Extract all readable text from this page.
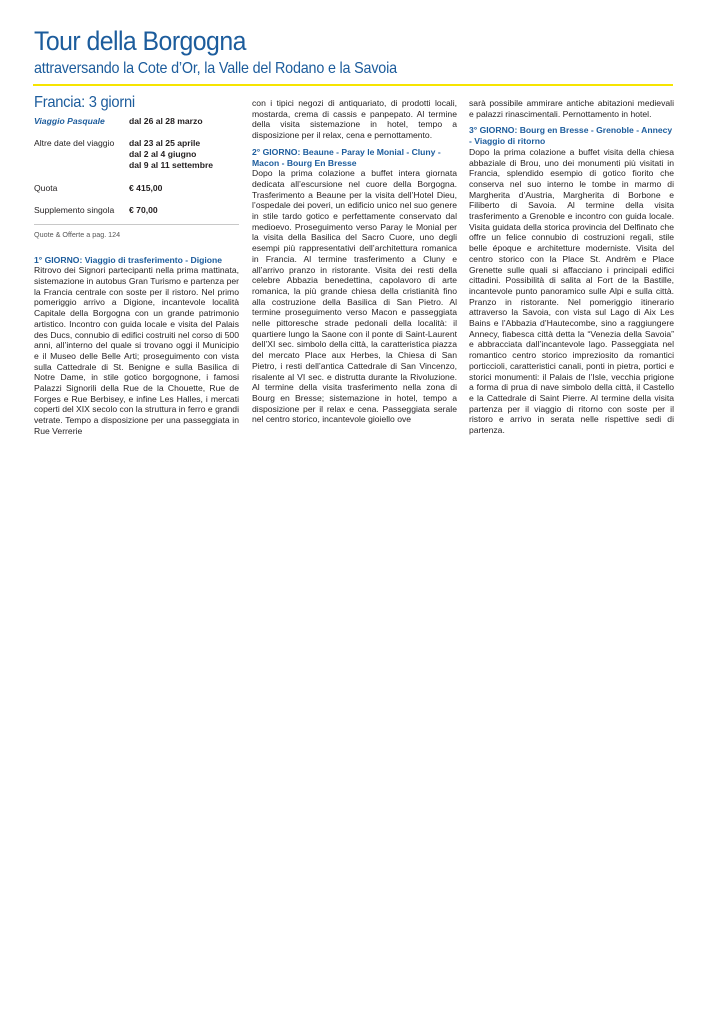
Tour della Borgogna
attraversando la Cote d’Or, la Valle del Rodano e la Savoia
Francia: 3 giorni
Viaggio Pasquale	dal 26 al 28 marzo
Altre date del viaggio	dal 23 al 25 aprile
dal 2 al 4 giugno
dal 9 al 11 settembre
Quota	€ 415,00
Supplemento singola	€ 70,00
Quote & Offerte a pag. 124

1° GIORNO: Viaggio di trasferimento - Digione

Ritrovo dei Signori partecipanti nella prima mattinata, sistemazione in autobus Gran Turismo e partenza per la Francia centrale con soste per il ristoro. Nel primo pomeriggio arrivo a Digione, incantevole località Capitale della Borgogna con un grande patrimonio artistico. Incontro con guida locale e visita del Palais des Ducs, connubio di edifici costruiti nel corso di 500 anni, all’interno del quale si trovano oggi il Municipio e il Museo delle Belle Arti; proseguimento con vista sulla Cattedrale di St. Benigne e sulla Basilica di Notre Dame, in stile gotico borgognone, i famosi Palazzi Signorili della Rue de la Chouette, Rue de Forges e Rue Berbisey, e infine Les Halles, i mercati coperti del XIX secolo con la struttura in ferro e grandi vetrate. Tempo a disposizione per una passeggiata in Rue Verrerie

con i tipici negozi di antiquariato, di prodotti locali, mostarda, crema di cassis e panpepato. Al termine della visita sistemazione in hotel, tempo a disposizione per il relax, cena e pernottamento.

2° GIORNO: Beaune - Paray le Monial - Cluny - Macon - Bourg En Bresse

Dopo la prima colazione a buffet intera giornata dedicata all’escursione nel cuore della Borgogna. Trasferimento a Beaune per la visita dell’Hotel Dieu, l’ospedale dei poveri, un edificio unico nel suo genere in stile tardo gotico e perfettamente conservato dal medioevo. Proseguimento verso Paray le Monial per la visita della Basilica del Sacro Cuore, uno degli esempi più rappresentativi dell’architettura romanica in Francia. Al termine trasferimento a Cluny e all’arrivo pranzo in ristorante. Visita dei resti della celebre Abbazia benedettina, capolavoro di arte romanica, la più grande chiesa della cristianità fino alla costruzione della Basilica di San Pietro. Al termine proseguimento verso Macon e passeggiata nelle pittoresche strade pedonali della località: il quartiere lungo la Saone con il ponte di Saint-Laurent dell’XI sec. simbolo della città, la caratteristica piazza del mercato Place aux Herbes, la Chiesa di San Pietro, i resti dell’antica Cattedrale di San Vincenzo, risalente al VI sec. e distrutta durante la Rivoluzione. Al termine della visita trasferimento nella zona di Bourg en Bresse; sistemazione in hotel, tempo a disposizione per il relax e cena. Passeggiata serale nel centro storico, incantevole gioiello ove

sarà possibile ammirare antiche abitazioni medievali e palazzi rinascimentali. Pernottamento in hotel.

3° GIORNO: Bourg en Bresse - Grenoble - Annecy - Viaggio di ritorno

Dopo la prima colazione a buffet visita della chiesa abbaziale di Brou, uno dei monumenti più visitati in Francia, splendido esempio di gotico fiorito che conserva nel suo interno le tombe in marmo di Margherita d’Austria, Margherita di Borbone e Filiberto di Savoia. Al termine della visita trasferimento a Grenoble e incontro con guida locale. Visita guidata della storica provincia del Delfinato che offre un felice connubio di costruzioni regali, stile belle époque e architetture moderniste. Visita del centro storico con la Place St. Andrèm e Place Grenette sulle quali si affacciano i principali edifici cittadini. Possibilità di salita al Fort de la Bastille, incantevole punto panoramico sulle Alpi e sulla città. Pranzo in ristorante. Nel pomeriggio itinerario attraverso la Savoia, con vista sul Lago di Aix Les Bains e l’Abbazia d’Hautecombe, sino a raggiungere Annecy, fiabesca città detta la “Venezia della Savoia” e abbracciata dall’incantevole lago. Passeggiata nel romantico centro storico impreziosito da romantici porticcioli, caratteristici canali, ponti in pietra, portici e storici monumenti: il Palais de l’Isle, vecchia prigione a forma di prua di nave simbolo della città, il Castello e la Cattedrale di Saint Pierre. Al termine della visita partenza per il viaggio di ritorno con soste per il ristoro e arrivo in serata nelle rispettive sedi di partenza.
